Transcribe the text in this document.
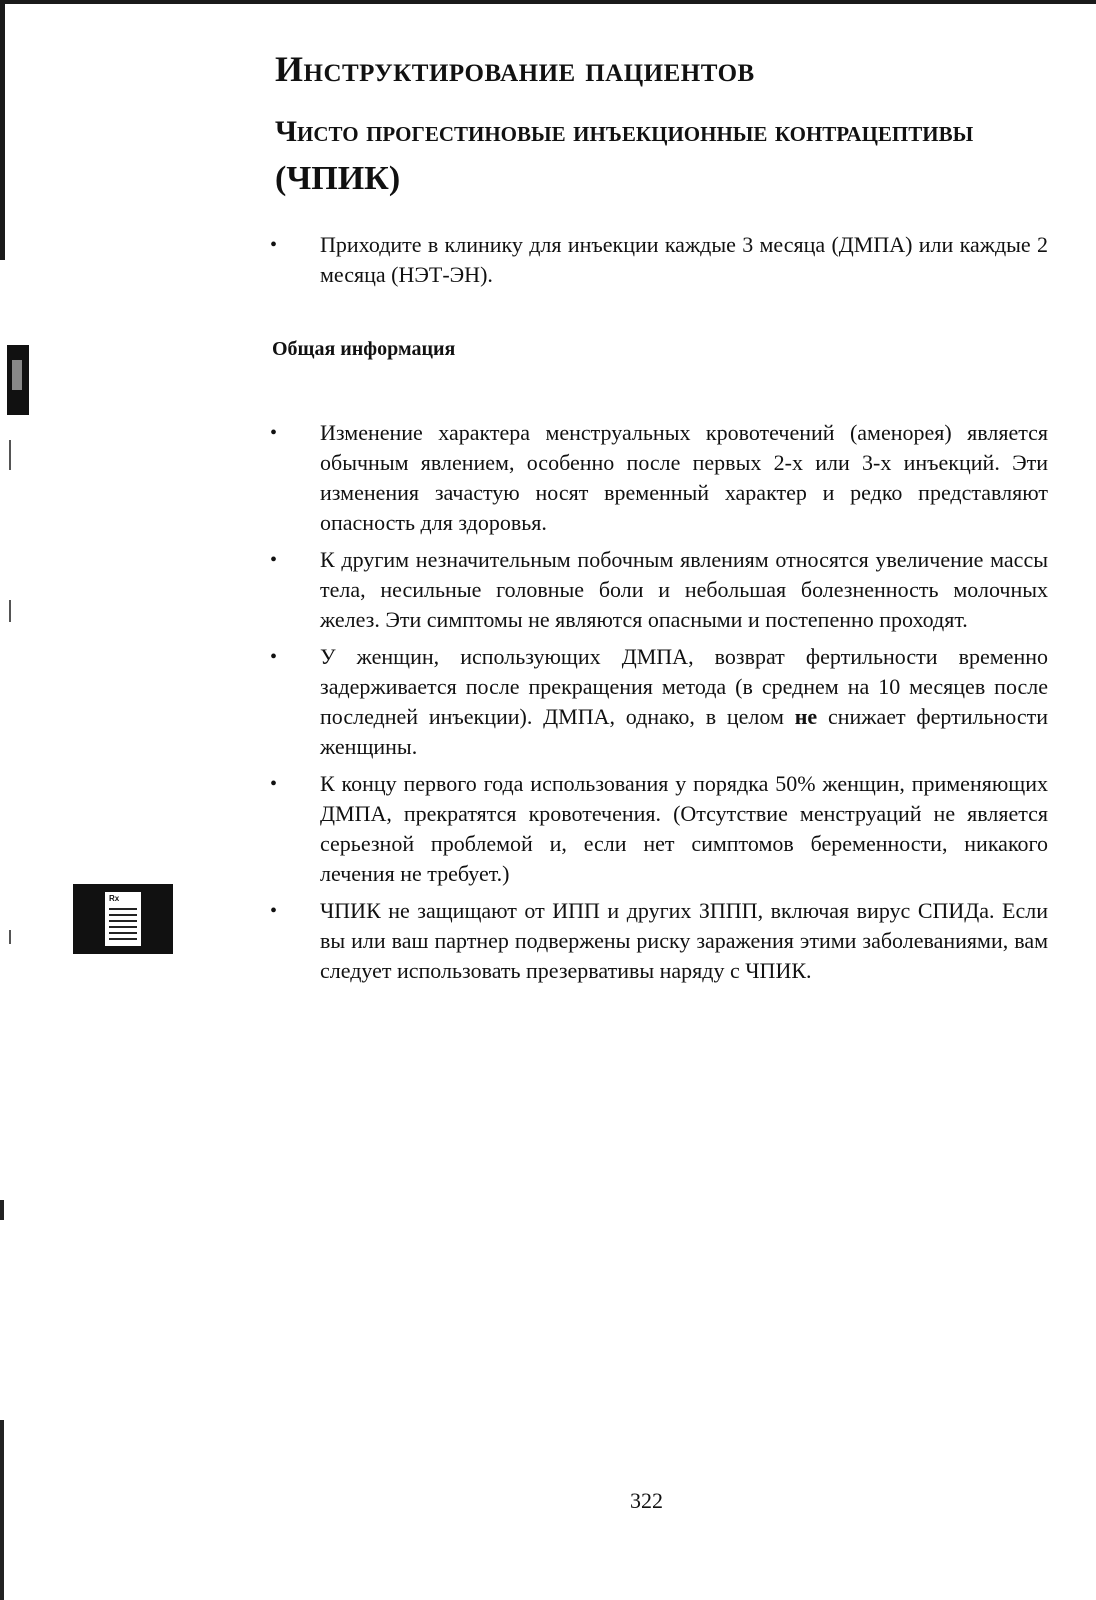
Инструктирование пациентов
Чисто прогестиновые инъекционные контрацептивы (ЧПИК)
• Приходите в клинику для инъекции каждые 3 месяца (ДМПА) или каждые 2 месяца (НЭТ-ЭН).
Общая информация
• Изменение характера менструальных кровотечений (аменорея) является обычным явлением, особенно после первых 2-х или 3-х инъекций. Эти изменения зачастую носят временный характер и редко представляют опасность для здоровья.
• К другим незначительным побочным явлениям относятся увеличение массы тела, несильные головные боли и небольшая болезненность молочных желез. Эти симптомы не являются опасными и постепенно проходят.
• У женщин, использующих ДМПА, возврат фертильности временно задерживается после прекращения метода (в среднем на 10 месяцев после последней инъекции). ДМПА, однако, в целом не снижает фертильности женщины.
• К концу первого года использования у порядка 50% женщин, применяющих ДМПА, прекратятся кровотечения. (Отсутствие менструаций не является серьезной проблемой и, если нет симптомов беременности, никакого лечения не требует.)
• ЧПИК не защищают от ИПП и других ЗППП, включая вирус СПИДа. Если вы или ваш партнер подвержены риску заражения этими заболеваниями, вам следует использовать презервативы наряду с ЧПИК.
Rx
322
